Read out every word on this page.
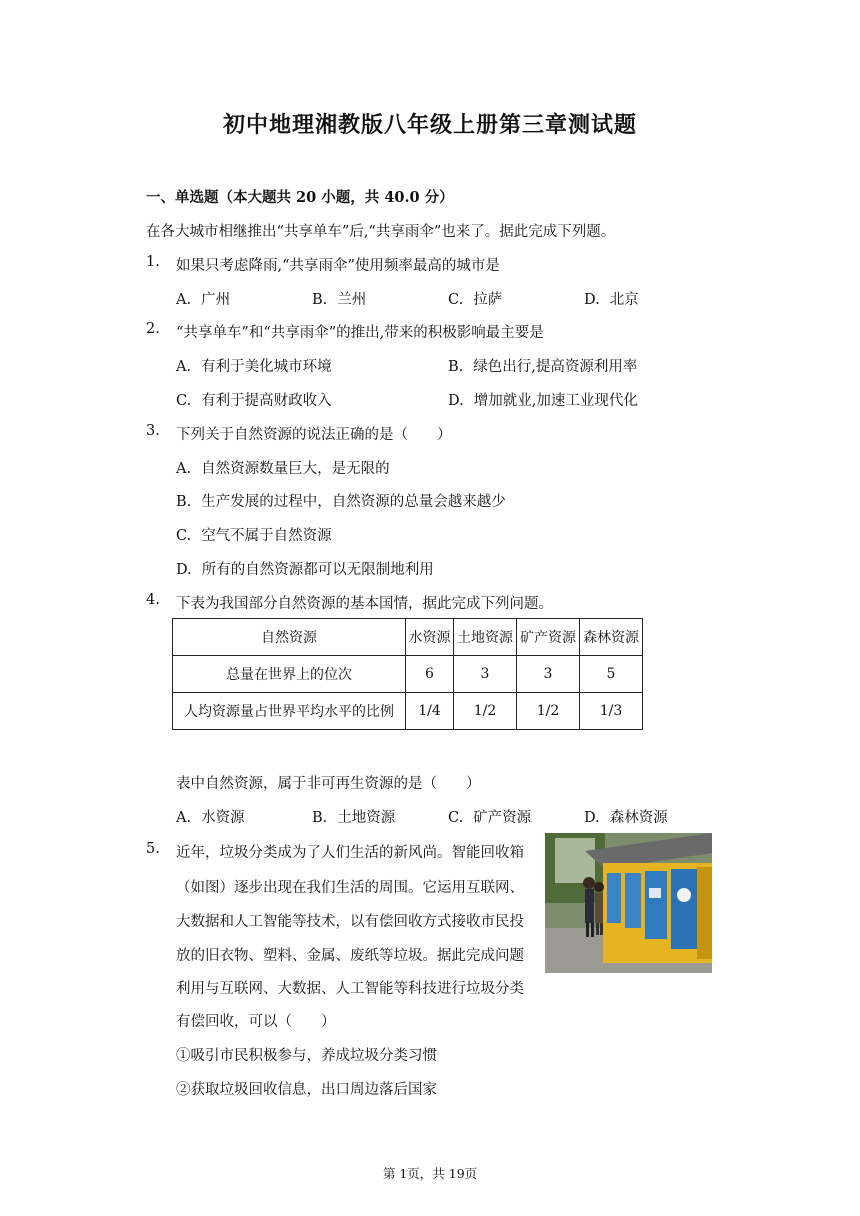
初中地理湘教版八年级上册第三章测试题
一、单选题（本大题共 20 小题，共 40.0 分）
在各大城市相继推出“共享单车”后,“共享雨伞”也来了。据此完成下列题。
1. 如果只考虑降雨,“共享雨伞”使用频率最高的城市是
A. 广州	B. 兰州	C. 拉萨	D. 北京
2. “共享单车”和“共享雨伞”的推出,带来的积极影响最主要是
A. 有利于美化城市环境	B. 绿色出行,提高资源利用率
C. 有利于提高财政收入	D. 增加就业,加速工业现代化
3. 下列关于自然资源的说法正确的是（　　）
A. 自然资源数量巨大，是无限的
B. 生产发展的过程中，自然资源的总量会越来越少
C. 空气不属于自然资源
D. 所有的自然资源都可以无限制地利用
4. 下表为我国部分自然资源的基本国情，据此完成下列问题。
自然资源	水资源	土地资源	矿产资源	森林资源
总量在世界上的位次	6	3	3	5
人均资源量占世界平均水平的比例	1/4	1/2	1/2	1/3
表中自然资源，属于非可再生资源的是（　　）
A. 水资源	B. 土地资源	C. 矿产资源	D. 森林资源
5. 近年，垃圾分类成为了人们生活的新风尚。智能回收箱
（如图）逐步出现在我们生活的周围。它运用互联网、
大数据和人工智能等技术，以有偿回收方式接收市民投
放的旧衣物、塑料、金属、废纸等垃圾。据此完成问题
利用与互联网、大数据、人工智能等科技进行垃圾分类
有偿回收，可以（　　）
①吸引市民积极参与，养成垃圾分类习惯
②获取垃圾回收信息，出口周边落后国家
第 1页，共 19页
